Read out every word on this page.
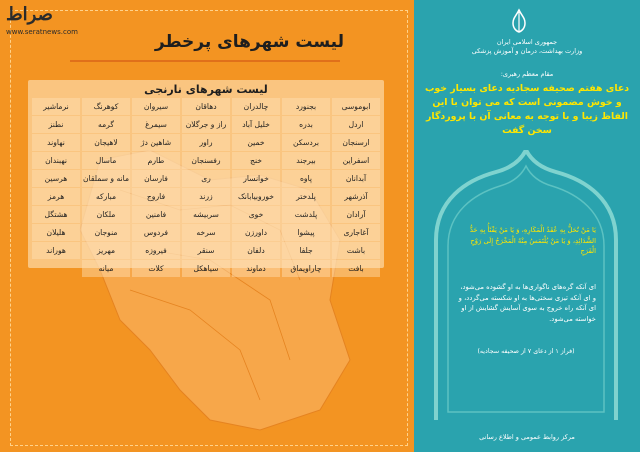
صراط
www.seratnews.com	لیست شهرهای پرخطر
لیست شهرهای نارنجی
ابوموسی
بجنورد
چالدران
دهاقان
سیروان
کوهرنگ
نرماشیر
اردل
بدره
خلیل آباد
راز و جرگلان
سیمرغ
گرمه
نطنز
ارسنجان
بردسکن
خمین
راور
شاهین دژ
لاهیجان
نهاوند
اسفراین
بیرجند
خنج
رفسنجان
طارم
ماسال
نهبندان
آبدانان
پاوه
خوانسار
ری
فارسان
مانه و سملقان
هرسین
آذرشهر
پلدختر
خوروبیابانک
زرند
فاروج
مبارکه
هرمز
آرادان
پلدشت
خوی
سربیشه
فامنین
ملکان
هشتگل
آغاجاری
پیشوا
داورزن
سرخه
فردوس
منوجان
هلیلان
باشت
جلفا
دلفان
سنقر
فیروزه
مهریز
هوراند
بافت
چاراویماق
دماوند
سیاهکل
کلات
میانه
جمهوری اسلامی ایران
وزارت بهداشت، درمان و آموزش پزشکی
مقام معظم رهبری:
دعای هفتم صحیفه سجادیه دعای بسیار خوب و خوش مضمونی است که می توان با این الفاظ زیبا و با توجه به معانی آن با پروردگار سخن گفت
یَا مَنْ تُحَلُّ بِهِ عُقَدُ الْمَکَارِهِ، وَ یَا مَنْ یَفْثَأُ بِهِ حَدُّ الشَّدَائِدِ، وَ یَا مَنْ یُلْتَمَسُ مِنْهُ الْمَخْرَجُ إِلَی رَوْحِ الْفَرَجِ
ای آنکه گره‌های ناگواری‌ها به او گشوده می‌شود، و ای آنکه تیزی سختی‌ها به او شکسته می‌گردد، و ای آنکه راه خروج به سوی آسایش گشایش از او خواسته می‌شود.
(فراز ۱ از دعای ۷ از صحیفه سجادیه)
مرکز روابط عمومی و اطلاع رسانی
